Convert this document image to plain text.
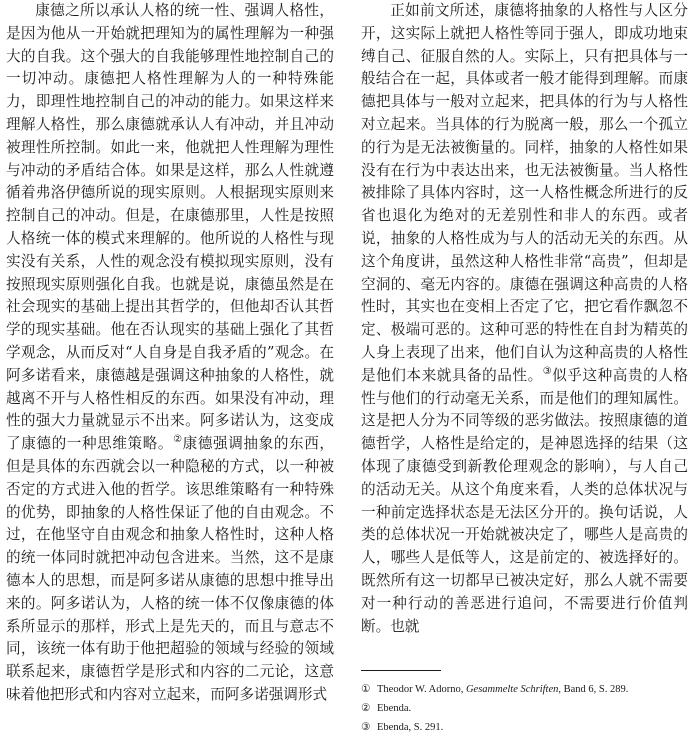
康德之所以承认人格的统一性、强调人格性，是因为他从一开始就把理知为的属性理解为一种强大的自我。这个强大的自我能够理性地控制自己的一切冲动。康德把人格性理解为人的一种特殊能力，即理性地控制自己的冲动的能力。如果这样来理解人格性，那么康德就承认人有冲动，并且冲动被理性所控制。如此一来，他就把人性理解为理性与冲动的矛盾结合体。如果是这样，那么人性就遵循着弗洛伊德所说的现实原则。人根据现实原则来控制自己的冲动。但是，在康德那里，人性是按照人格统一体的模式来理解的。他所说的人格性与现实没有关系，人性的观念没有模拟现实原则，没有按照现实原则强化自我。也就是说，康德虽然是在社会现实的基础上提出其哲学的，但他却否认其哲学的现实基础。他在否认现实的基础上强化了其哲学观念，从而反对“人自身是自我矛盾的”观念。在阿多诺看来，康德越是强调这种抽象的人格性，就越离不开与人格性相反的东西。如果没有冲动，理性的强大力量就显示不出来。阿多诺认为，这变成了康德的一种思维策略。②康德强调抽象的东西，但是具体的东西就会以一种隐秘的方式，以一种被否定的方式进入他的哲学。该思维策略有一种特殊的优势，即抽象的人格性保证了他的自由观念。不过，在他坚守自由观念和抽象人格性时，这种人格的统一体同时就把冲动包含进来。当然，这不是康德本人的思想，而是阿多诺从康德的思想中推导出来的。阿多诺认为，人格的统一体不仅像康德的体系所显示的那样，形式上是先天的，而且与意志不同，该统一体有助于他把超验的领域与经验的领域联系起来，康德哲学是形式和内容的二元论，这意味着他把形式和内容对立起来，而阿多诺强调形式

正如前文所述，康德将抽象的人格性与人区分开，这实际上就把人格性等同于强人，即成功地束缚自己、征服自然的人。实际上，只有把具体与一般结合在一起，具体或者一般才能得到理解。而康德把具体与一般对立起来，把具体的行为与人格性对立起来。当具体的行为脱离一般，那么一个孤立的行为是无法被衡量的。同样，抽象的人格性如果没有在行为中表达出来，也无法被衡量。当人格性被排除了具体内容时，这一人格性概念所进行的反省也退化为绝对的无差别性和非人的东西。或者说，抽象的人格性成为与人的活动无关的东西。从这个角度讲，虽然这种人格性非常“高贵”，但却是空洞的、毫无内容的。康德在强调这种高贵的人格性时，其实也在变相上否定了它，把它看作飘忽不定、极端可恶的。这种可恶的特性在自封为精英的人身上表现了出来，他们自认为这种高贵的人格性是他们本来就具备的品性。③似乎这种高贵的人格性与他们的行动毫无关系，而是他们的理知属性。这是把人分为不同等级的恶劣做法。按照康德的道德哲学，人格性是给定的，是神恩选择的结果（这体现了康德受到新教伦理观念的影响），与人自己的活动无关。从这个角度来看，人类的总体状况与一种前定选择状态是无法区分开的。换句话说，人类的总体状况一开始就被决定了，哪些人是高贵的人，哪些人是低等人，这是前定的、被选择好的。既然所有这一切都早已被决定好，那么人就不需要对一种行动的善恶进行追问，不需要进行价值判断。也就

① Theodor W. Adorno, Gesammelte Schriften, Band 6, S. 289.
② Ebenda.
③ Ebenda, S. 291.
